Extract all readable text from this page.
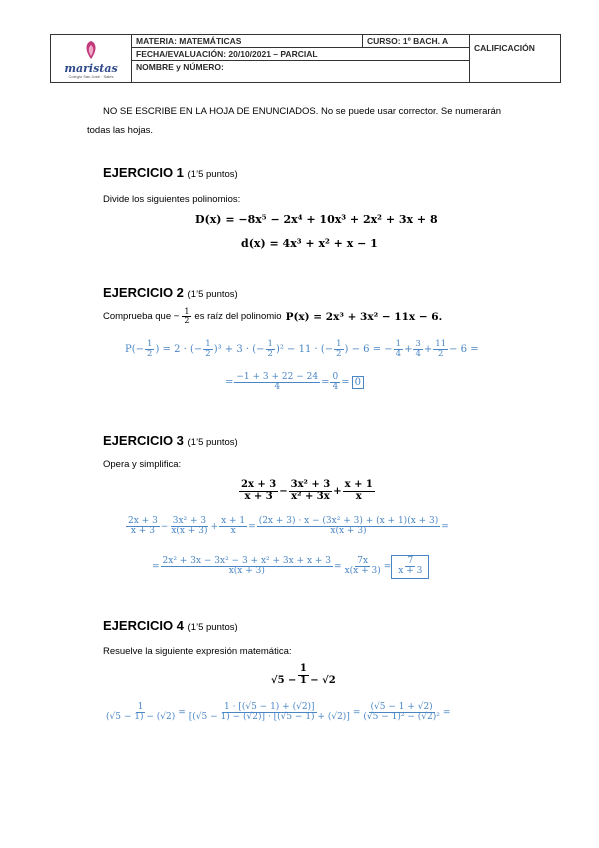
maristas
Colegio San José · Sales
	MATERIA: MATEMÁTICAS	CURSO: 1º BACH. A	CALIFICACIÓN
FECHA/EVALUACIÓN: 20/10/2021 – PARCIAL
NOMBRE y NÚMERO:
NO SE ESCRIBE EN LA HOJA DE ENUNCIADOS. No se puede usar corrector. Se numerarán
todas las hojas.
EJERCICIO 1 (1’5 puntos)
Divide los siguientes polinomios:
D(x) = −8x⁵ − 2x⁴ + 10x³ + 2x² + 3x + 8
d(x) = 4x³ + x² + x − 1
EJERCICIO 2 (1’5 puntos)
Comprueba que − $\frac{1}{2}$ es raíz del polinomio P(x) = 2x³ + 3x² − 11x − 6.
$P(- \frac{1}{2}$ ) = 2 · (− $\frac{1}{2} )^3 + 3$ · (− $\frac{1}{2} )^2 - 11$ · (− $\frac{1}{2}$ ) − 6 = − $\frac{1}{4} + \frac{3}{4} + \frac{11}{2} - 6$ =
= $\frac{-1 + 3 + 22 - 24}{4} = \frac{0}{4} = 0$
EJERCICIO 3 (1’5 puntos)
Opera y simplifica:
$\frac{2x + 3}{x + 3} - \frac{\text{3x² + 3}}{\text{x² + 3x}} + \frac{x + 1}{x}$
$\frac{2x + 3}{x + 3} - \frac{\text{3x² + 3}}{x(x + 3)} + \frac{x + 1}{x} = \frac{\text{(2x + 3) · x − (3x² + 3) + (x + 1)(x + 3)}}{x(x + 3)}$ =
= $\frac{\text{2x² + 3x − 3x² − 3 + x² + 3x + x + 3}}{x(x + 3)} = \frac{7x}{x(x + 3)} = \frac{7}{x + 3}$
EJERCICIO 4 (1’5 puntos)
Resuelve la siguiente expresión matemática:
$\frac{1}{√5 - 1 - √2}$
$\frac{1}{(√5 - 1) - (√2)} = \frac{1 \cdot [(√5 - 1) + (√2)]}{[(√5 - 1) - (√2)] \cdot [(√5 - 1) + (√2)]} = \frac{(√5 - 1 + √2)}{\text{(√5 − 1)² − (√2)²}}$ =
